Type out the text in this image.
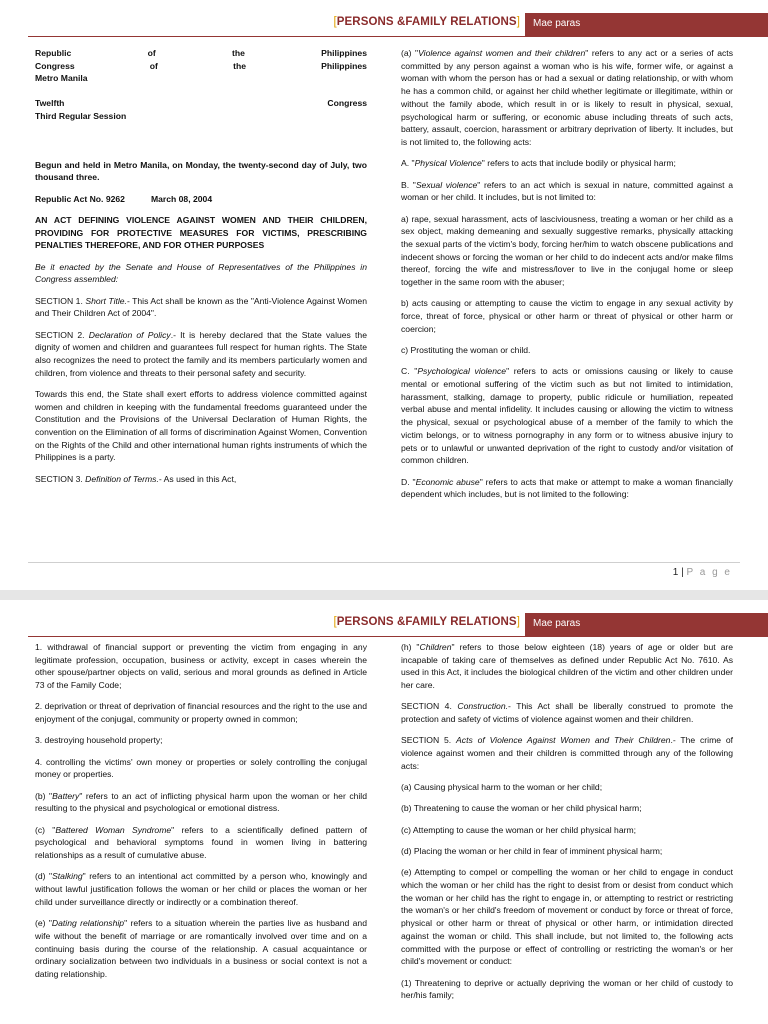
[PERSONS &FAMILY RELATIONS] Mae paras
Republic	of	the	Philippines
Congress	of	the	Philippines
Metro Manila
Twelfth	Congress
Third Regular Session

Begun and held in Metro Manila, on Monday, the twenty-second day of July, two thousand three.

Republic Act No. 9262	March 08, 2004

AN ACT DEFINING VIOLENCE AGAINST WOMEN AND THEIR CHILDREN, PROVIDING FOR PROTECTIVE MEASURES FOR VICTIMS, PRESCRIBING PENALTIES THEREFORE, AND FOR OTHER PURPOSES

Be it enacted by the Senate and House of Representatives of the Philippines in Congress assembled:

SECTION 1. Short Title.- This Act shall be known as the "Anti-Violence Against Women and Their Children Act of 2004".

SECTION 2. Declaration of Policy.- It is hereby declared that the State values the dignity of women and children and guarantees full respect for human rights. The State also recognizes the need to protect the family and its members particularly women and children, from violence and threats to their personal safety and security.

Towards this end, the State shall exert efforts to address violence committed against women and children in keeping with the fundamental freedoms guaranteed under the Constitution and the Provisions of the Universal Declaration of Human Rights, the convention on the Elimination of all forms of discrimination Against Women, Convention on the Rights of the Child and other international human rights instruments of which the Philippines is a party.

SECTION 3. Definition of Terms.- As used in this Act,

(a) "Violence against women and their children" refers to any act or a series of acts committed by any person against a woman who is his wife, former wife, or against a woman with whom the person has or had a sexual or dating relationship, or with whom he has a common child, or against her child whether legitimate or illegitimate, within or without the family abode, which result in or is likely to result in physical, sexual, psychological harm or suffering, or economic abuse including threats of such acts, battery, assault, coercion, harassment or arbitrary deprivation of liberty. It includes, but is not limited to, the following acts:

A. "Physical Violence" refers to acts that include bodily or physical harm;

B. "Sexual violence" refers to an act which is sexual in nature, committed against a woman or her child. It includes, but is not limited to:

a) rape, sexual harassment, acts of lasciviousness, treating a woman or her child as a sex object, making demeaning and sexually suggestive remarks, physically attacking the sexual parts of the victim's body, forcing her/him to watch obscene publications and indecent shows or forcing the woman or her child to do indecent acts and/or make films thereof, forcing the wife and mistress/lover to live in the conjugal home or sleep together in the same room with the abuser;

b) acts causing or attempting to cause the victim to engage in any sexual activity by force, threat of force, physical or other harm or threat of physical or other harm or coercion;

c) Prostituting the woman or child.

C. "Psychological violence" refers to acts or omissions causing or likely to cause mental or emotional suffering of the victim such as but not limited to intimidation, harassment, stalking, damage to property, public ridicule or humiliation, repeated verbal abuse and mental infidelity. It includes causing or allowing the victim to witness the physical, sexual or psychological abuse of a member of the family to which the victim belongs, or to witness pornography in any form or to witness abusive injury to pets or to unlawful or unwanted deprivation of the right to custody and/or visitation of common children.

D. "Economic abuse" refers to acts that make or attempt to make a woman financially dependent which includes, but is not limited to the following:

1 | P a g e
[PERSONS &FAMILY RELATIONS] Mae paras

1. withdrawal of financial support or preventing the victim from engaging in any legitimate profession, occupation, business or activity, except in cases wherein the other spouse/partner objects on valid, serious and moral grounds as defined in Article 73 of the Family Code;

2. deprivation or threat of deprivation of financial resources and the right to the use and enjoyment of the conjugal, community or property owned in common;

3. destroying household property;

4. controlling the victims' own money or properties or solely controlling the conjugal money or properties.

(b) "Battery" refers to an act of inflicting physical harm upon the woman or her child resulting to the physical and psychological or emotional distress.

(c) "Battered Woman Syndrome" refers to a scientifically defined pattern of psychological and behavioral symptoms found in women living in battering relationships as a result of cumulative abuse.

(d) "Stalking" refers to an intentional act committed by a person who, knowingly and without lawful justification follows the woman or her child or places the woman or her child under surveillance directly or indirectly or a combination thereof.

(e) "Dating relationship" refers to a situation wherein the parties live as husband and wife without the benefit of marriage or are romantically involved over time and on a continuing basis during the course of the relationship. A casual acquaintance or ordinary socialization between two individuals in a business or social context is not a dating relationship.

(h) "Children" refers to those below eighteen (18) years of age or older but are incapable of taking care of themselves as defined under Republic Act No. 7610. As used in this Act, it includes the biological children of the victim and other children under her care.

SECTION 4. Construction.- This Act shall be liberally construed to promote the protection and safety of victims of violence against women and their children.

SECTION 5. Acts of Violence Against Women and Their Children.- The crime of violence against women and their children is committed through any of the following acts:

(a) Causing physical harm to the woman or her child;

(b) Threatening to cause the woman or her child physical harm;

(c) Attempting to cause the woman or her child physical harm;

(d) Placing the woman or her child in fear of imminent physical harm;

(e) Attempting to compel or compelling the woman or her child to engage in conduct which the woman or her child has the right to desist from or desist from conduct which the woman or her child has the right to engage in, or attempting to restrict or restricting the woman's or her child's freedom of movement or conduct by force or threat of force, physical or other harm or threat of physical or other harm, or intimidation directed against the woman or child. This shall include, but not limited to, the following acts committed with the purpose or effect of controlling or restricting the woman's or her child's movement or conduct:

(1) Threatening to deprive or actually depriving the woman or her child of custody to her/his family;
